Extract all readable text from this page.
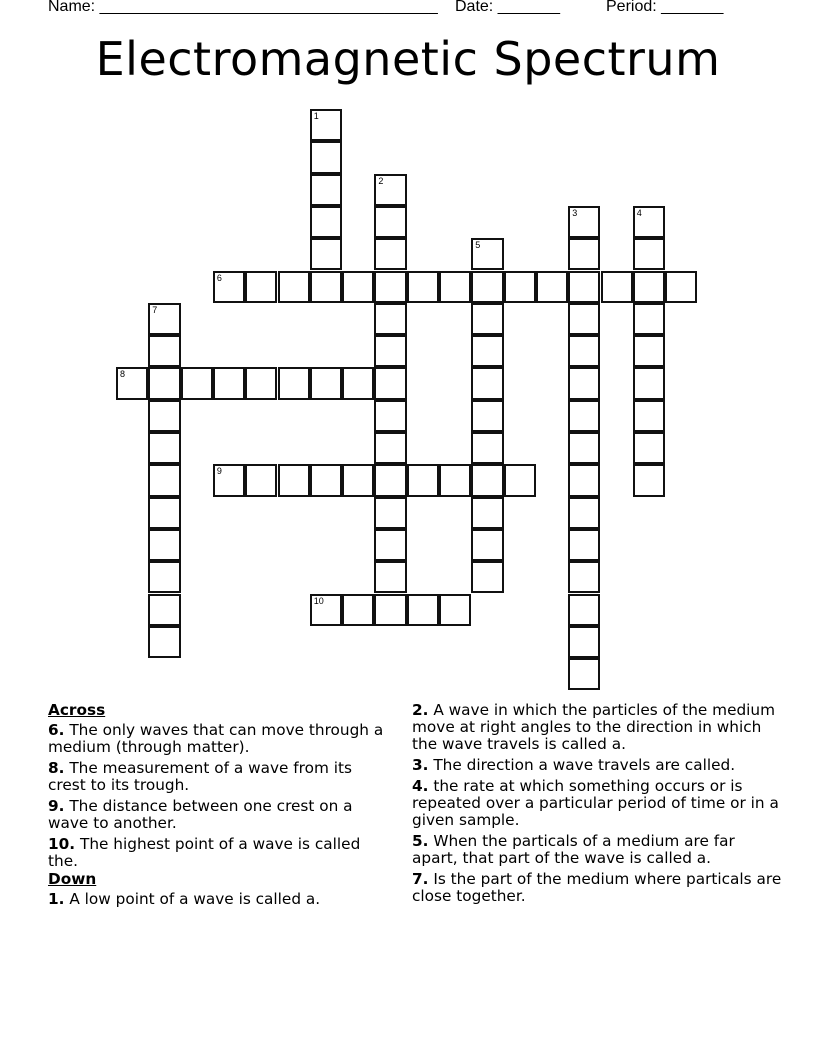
Name: ______________________________________ Date: _______	Period: _______
Electromagnetic Spectrum
1
2
3	4
5
6
7
8
9
10
Across
6. The only waves that can move through a medium (through matter).
8. The measurement of a wave from its crest to its trough.
9. The distance between one crest on a wave to another.
10. The highest point of a wave is called the.
Down
1. A low point of a wave is called a.
2. A wave in which the particles of the medium move at right angles to the direction in which the wave travels is called a.
3. The direction a wave travels are called.
4. the rate at which something occurs or is repeated over a particular period of time or in a given sample.
5. When the particals of a medium are far apart, that part of the wave is called a.
7. Is the part of the medium where particals are close together.
